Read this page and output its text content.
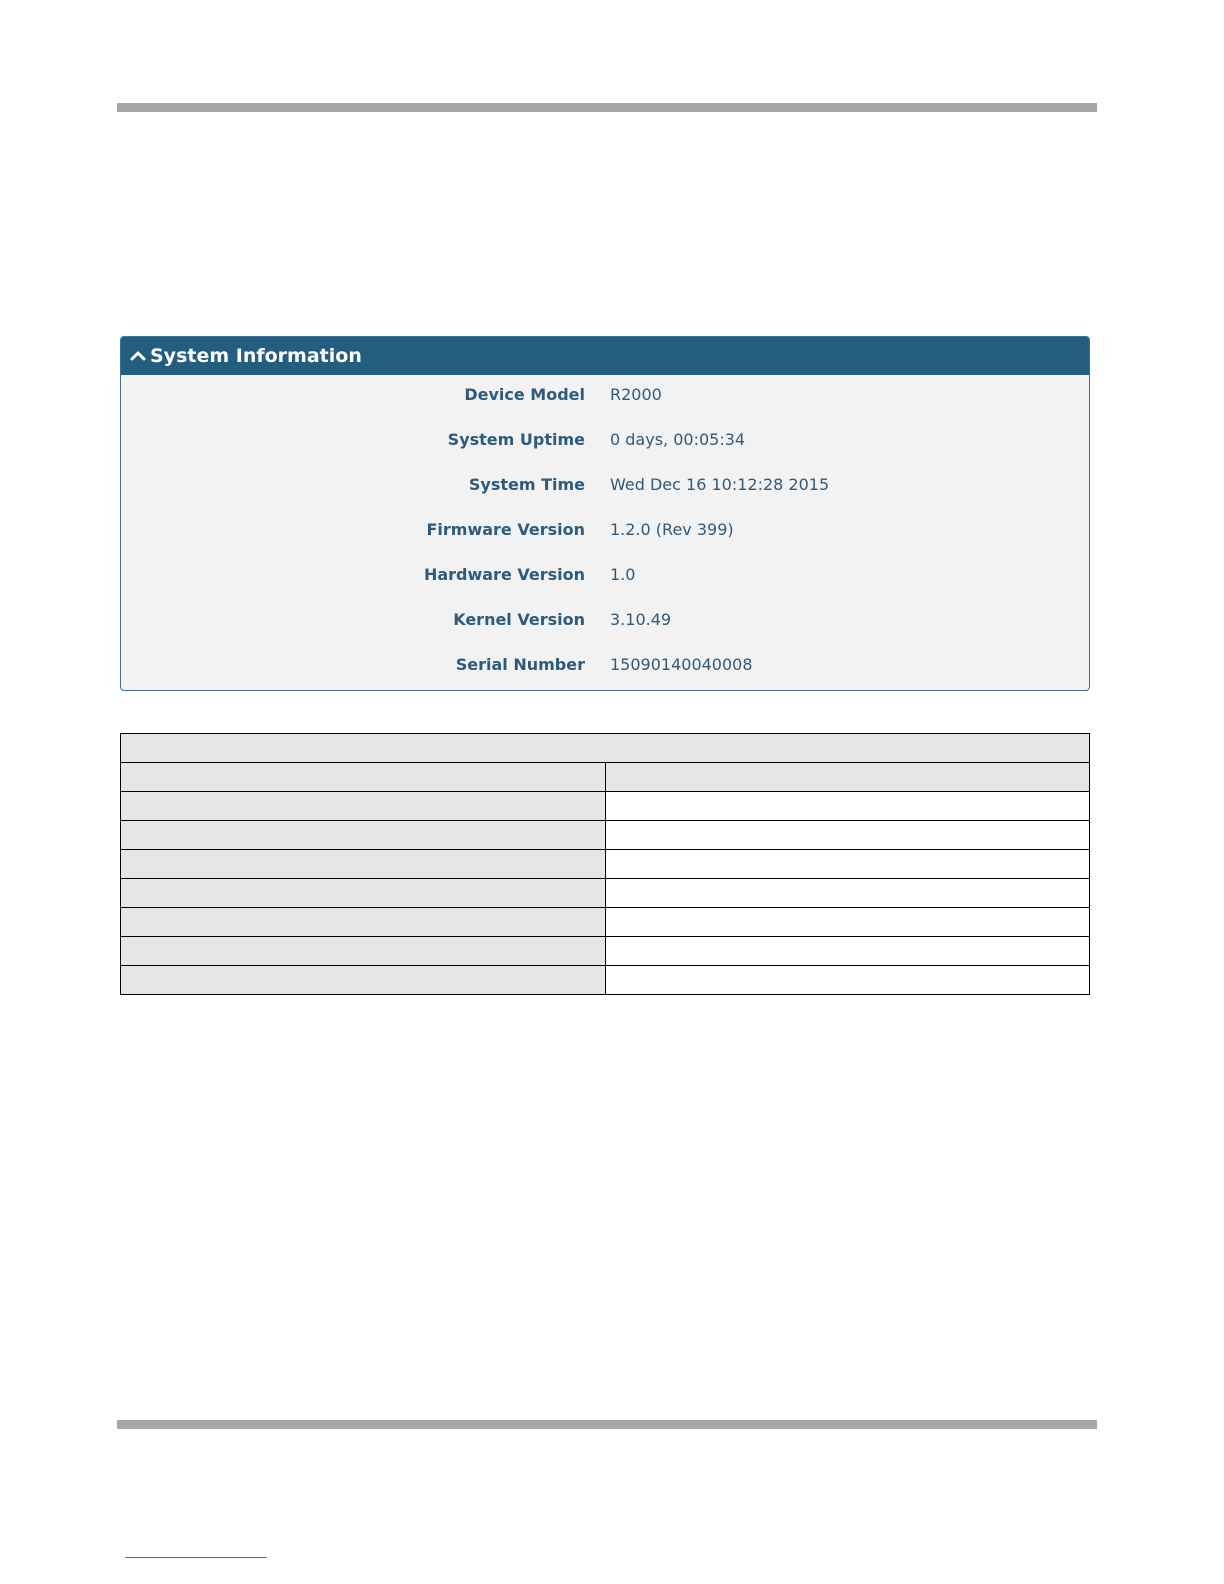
System Information
Device Model R2000
System Uptime 0 days, 00:05:34
System Time Wed Dec 16 10:12:28 2015
Firmware Version 1.2.0 (Rev 399)
Hardware Version 1.0
Kernel Version 3.10.49
Serial Number 15090140040008
